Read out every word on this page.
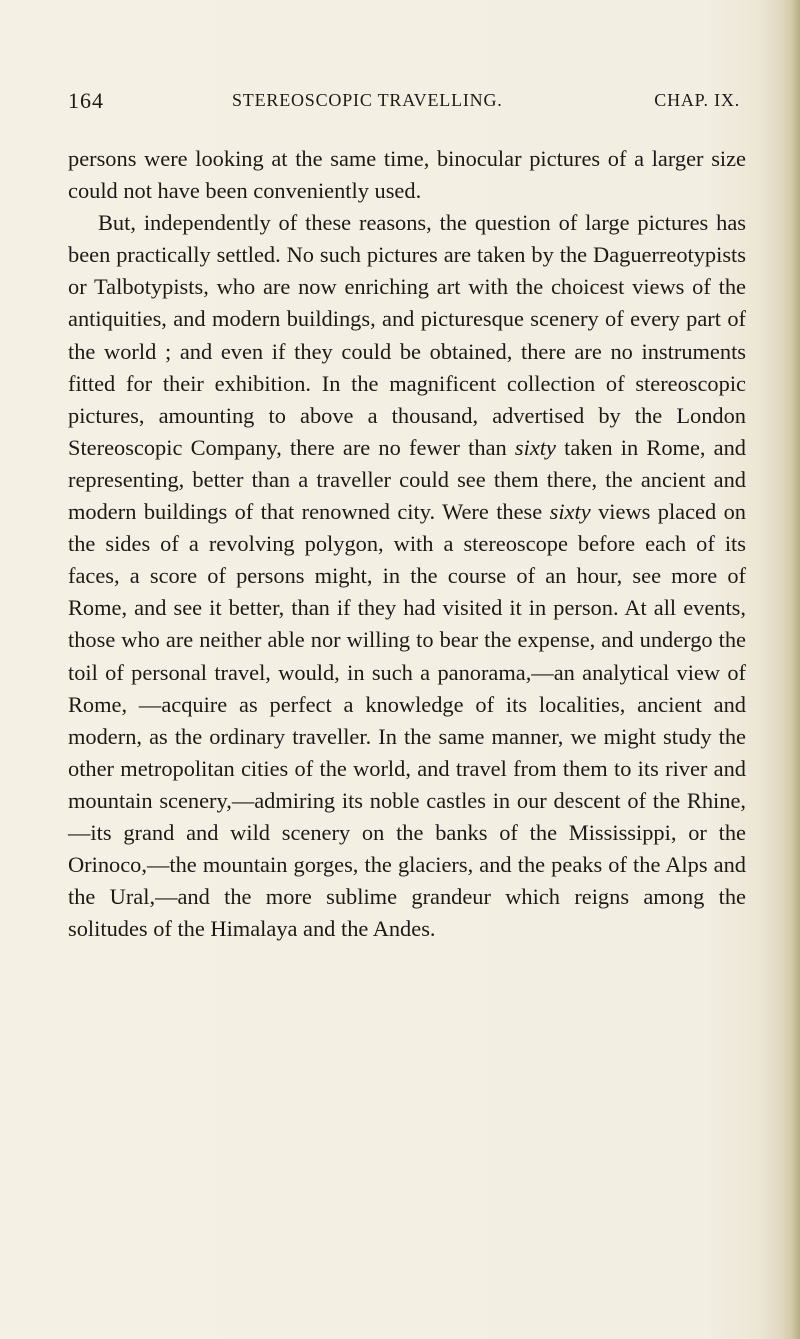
164	STEREOSCOPIC TRAVELLING.	CHAP. IX.

persons were looking at the same time, binocular pictures of a larger size could not have been conveniently used.

But, independently of these reasons, the question of large pictures has been practically settled. No such pictures are taken by the Daguerreotypists or Talbotypists, who are now enriching art with the choicest views of the antiquities, and modern buildings, and picturesque scenery of every part of the world ; and even if they could be obtained, there are no instruments fitted for their exhibition. In the magnificent collection of stereoscopic pictures, amounting to above a thousand, advertised by the London Stereoscopic Company, there are no fewer than sixty taken in Rome, and representing, better than a traveller could see them there, the ancient and modern buildings of that renowned city. Were these sixty views placed on the sides of a revolving polygon, with a stereoscope before each of its faces, a score of persons might, in the course of an hour, see more of Rome, and see it better, than if they had visited it in person. At all events, those who are neither able nor willing to bear the expense, and undergo the toil of personal travel, would, in such a panorama,—an analytical view of Rome, —acquire as perfect a knowledge of its localities, ancient and modern, as the ordinary traveller. In the same manner, we might study the other metropolitan cities of the world, and travel from them to its river and mountain scenery,—admiring its noble castles in our descent of the Rhine,—its grand and wild scenery on the banks of the Mississippi, or the Orinoco,—the mountain gorges, the glaciers, and the peaks of the Alps and the Ural,—and the more sublime grandeur which reigns among the solitudes of the Himalaya and the Andes.
